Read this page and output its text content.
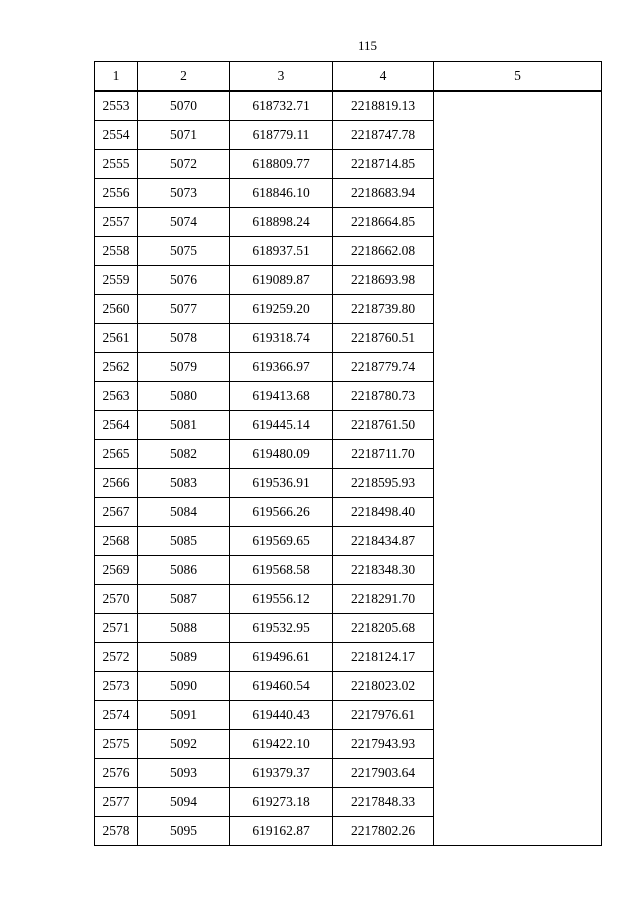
115
1	2	3	4	5
2553	5070	618732.71	2218819.13	
2554	5071	618779.11	2218747.78	
2555	5072	618809.77	2218714.85	
2556	5073	618846.10	2218683.94	
2557	5074	618898.24	2218664.85	
2558	5075	618937.51	2218662.08	
2559	5076	619089.87	2218693.98	
2560	5077	619259.20	2218739.80	
2561	5078	619318.74	2218760.51	
2562	5079	619366.97	2218779.74	
2563	5080	619413.68	2218780.73	
2564	5081	619445.14	2218761.50	
2565	5082	619480.09	2218711.70	
2566	5083	619536.91	2218595.93	
2567	5084	619566.26	2218498.40	
2568	5085	619569.65	2218434.87	
2569	5086	619568.58	2218348.30	
2570	5087	619556.12	2218291.70	
2571	5088	619532.95	2218205.68	
2572	5089	619496.61	2218124.17	
2573	5090	619460.54	2218023.02	
2574	5091	619440.43	2217976.61	
2575	5092	619422.10	2217943.93	
2576	5093	619379.37	2217903.64	
2577	5094	619273.18	2217848.33	
2578	5095	619162.87	2217802.26	
